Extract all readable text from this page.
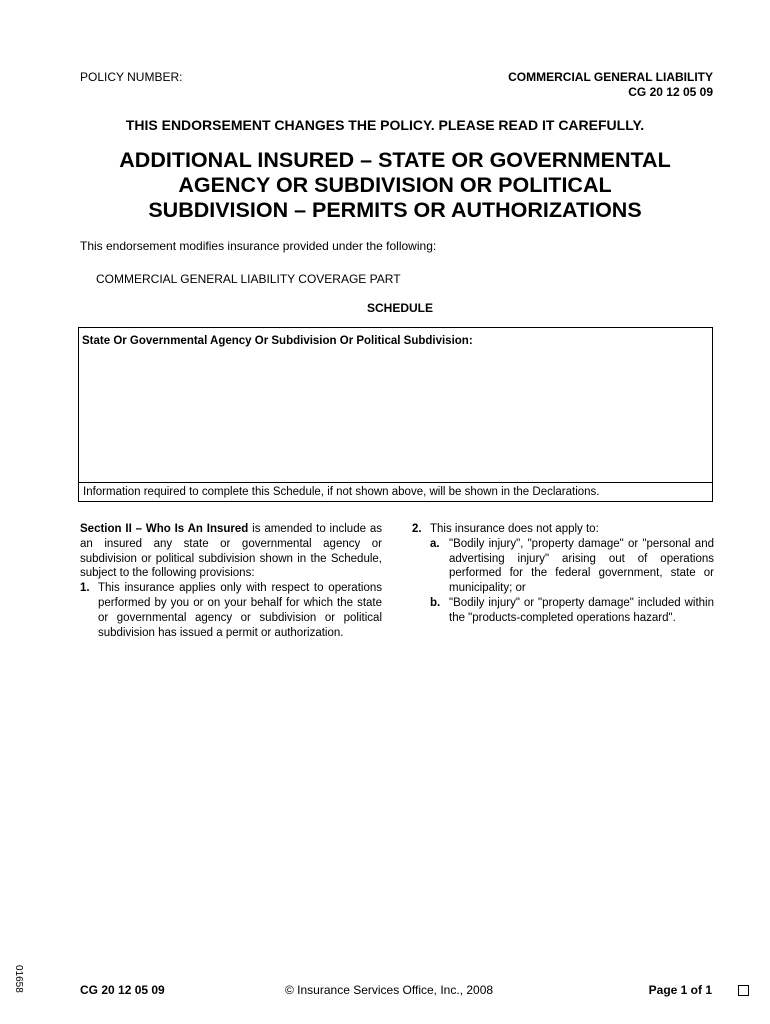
POLICY NUMBER:	COMMERCIAL GENERAL LIABILITY
CG 20 12 05 09
THIS ENDORSEMENT CHANGES THE POLICY. PLEASE READ IT CAREFULLY.
ADDITIONAL INSURED – STATE OR GOVERNMENTAL
AGENCY OR SUBDIVISION OR POLITICAL
SUBDIVISION – PERMITS OR AUTHORIZATIONS
This endorsement modifies insurance provided under the following:
COMMERCIAL GENERAL LIABILITY COVERAGE PART
SCHEDULE
State Or Governmental Agency Or Subdivision Or Political Subdivision:
Information required to complete this Schedule, if not shown above, will be shown in the Declarations.

Section II – Who Is An Insured is amended to include as an insured any state or governmental agency or subdivision or political subdivision shown in the Schedule, subject to the following provisions:

1. This insurance applies only with respect to operations performed by you or on your behalf for which the state or governmental agency or subdivision or political subdivision has issued a permit or authorization.
2. This insurance does not apply to:
a. "Bodily injury", "property damage" or "personal and advertising injury" arising out of operations performed for the federal government, state or municipality; or
b. "Bodily injury" or "property damage" included within the "products-completed operations hazard".
01658	CG 20 12 05 09	© Insurance Services Office, Inc., 2008	Page 1 of 1
